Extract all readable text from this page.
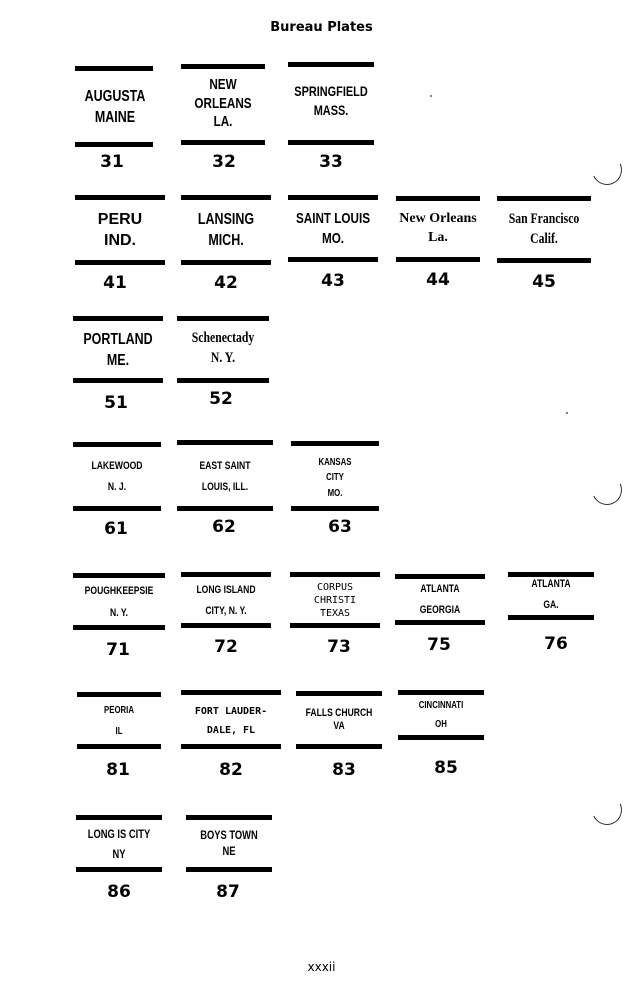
Bureau Plates
AUGUSTA
MAINE
31
NEW
ORLEANS
LA.
32
SPRINGFIELD
MASS.
33
PERU
IND.
41
LANSING
MICH.
42
SAINT LOUIS
MO.
43
New Orleans
La.
44
San Francisco
Calif.
45
PORTLAND
ME.
51
Schenectady
N. Y.
52
LAKEWOOD
N. J.
61
EAST SAINT
LOUIS, ILL.
62
KANSAS
CITY
MO.
63
POUGHKEEPSIE
N. Y.
71
LONG ISLAND
CITY, N. Y.
72
CORPUS
CHRISTI
TEXAS
73
ATLANTA
GEORGIA
75
ATLANTA
GA.
76
PEORIA
IL
81
FORT LAUDER-
DALE, FL
82
FALLS CHURCH
VA
83
CINCINNATI
OH
85
LONG IS CITY
NY
86
BOYS TOWN
NE
87
xxxii
